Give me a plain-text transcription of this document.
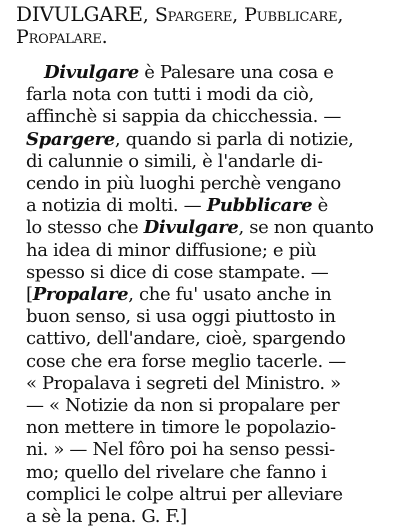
DIVULGARE, Spargere, Pubblicare,
Propalare.
Divulgare è Palesare una cosa e
farla nota con tutti i modi da ciò,
affinchè si sappia da chicchessia. —
Spargere, quando si parla di notizie,
di calunnie o simili, è l'andarle di-
cendo in più luoghi perchè vengano
a notizia di molti. — Pubblicare è
lo stesso che Divulgare, se non quanto
ha idea di minor diffusione; e più
spesso si dice di cose stampate. —
[Propalare, che fu' usato anche in
buon senso, si usa oggi piuttosto in
cattivo, dell'andare, cioè, spargendo
cose che era forse meglio tacerle. —
« Propalava i segreti del Ministro. »
— « Notizie da non si propalare per
non mettere in timore le popolazio-
ni. » — Nel fôro poi ha senso pessi-
mo; quello del rivelare che fanno i
complici le colpe altrui per alleviare
a sè la pena. G. F.]
